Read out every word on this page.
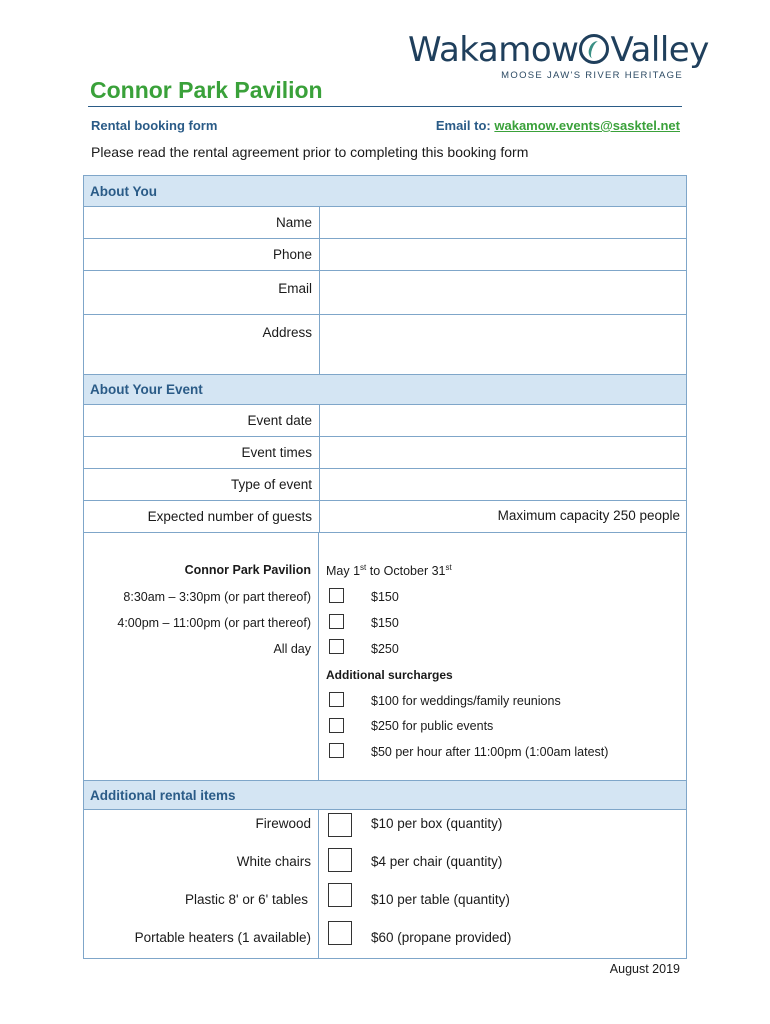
Wakamow Valley
MOOSE JAW'S RIVER HERITAGE
Connor Park Pavilion
Rental booking form	Email to: wakamow.events@sasktel.net
Please read the rental agreement prior to completing this booking form
About You
Name
Phone
Email
Address
About Your Event
Event date
Event times
Type of event
Expected number of guests	Maximum capacity 250 people
Connor Park Pavilion May 1st to October 31st
8:30am – 3:30pm (or part thereof)	$150
4:00pm – 11:00pm (or part thereof)	$150
All day	$250
Additional surcharges
$100 for weddings/family reunions
$250 for public events
$50 per hour after 11:00pm (1:00am latest)
Additional rental items
Firewood	$10 per box (quantity)
White chairs	$4 per chair (quantity)
Plastic 8' or 6' tables	$10 per table (quantity)
Portable heaters (1 available)	$60 (propane provided)
August 2019
